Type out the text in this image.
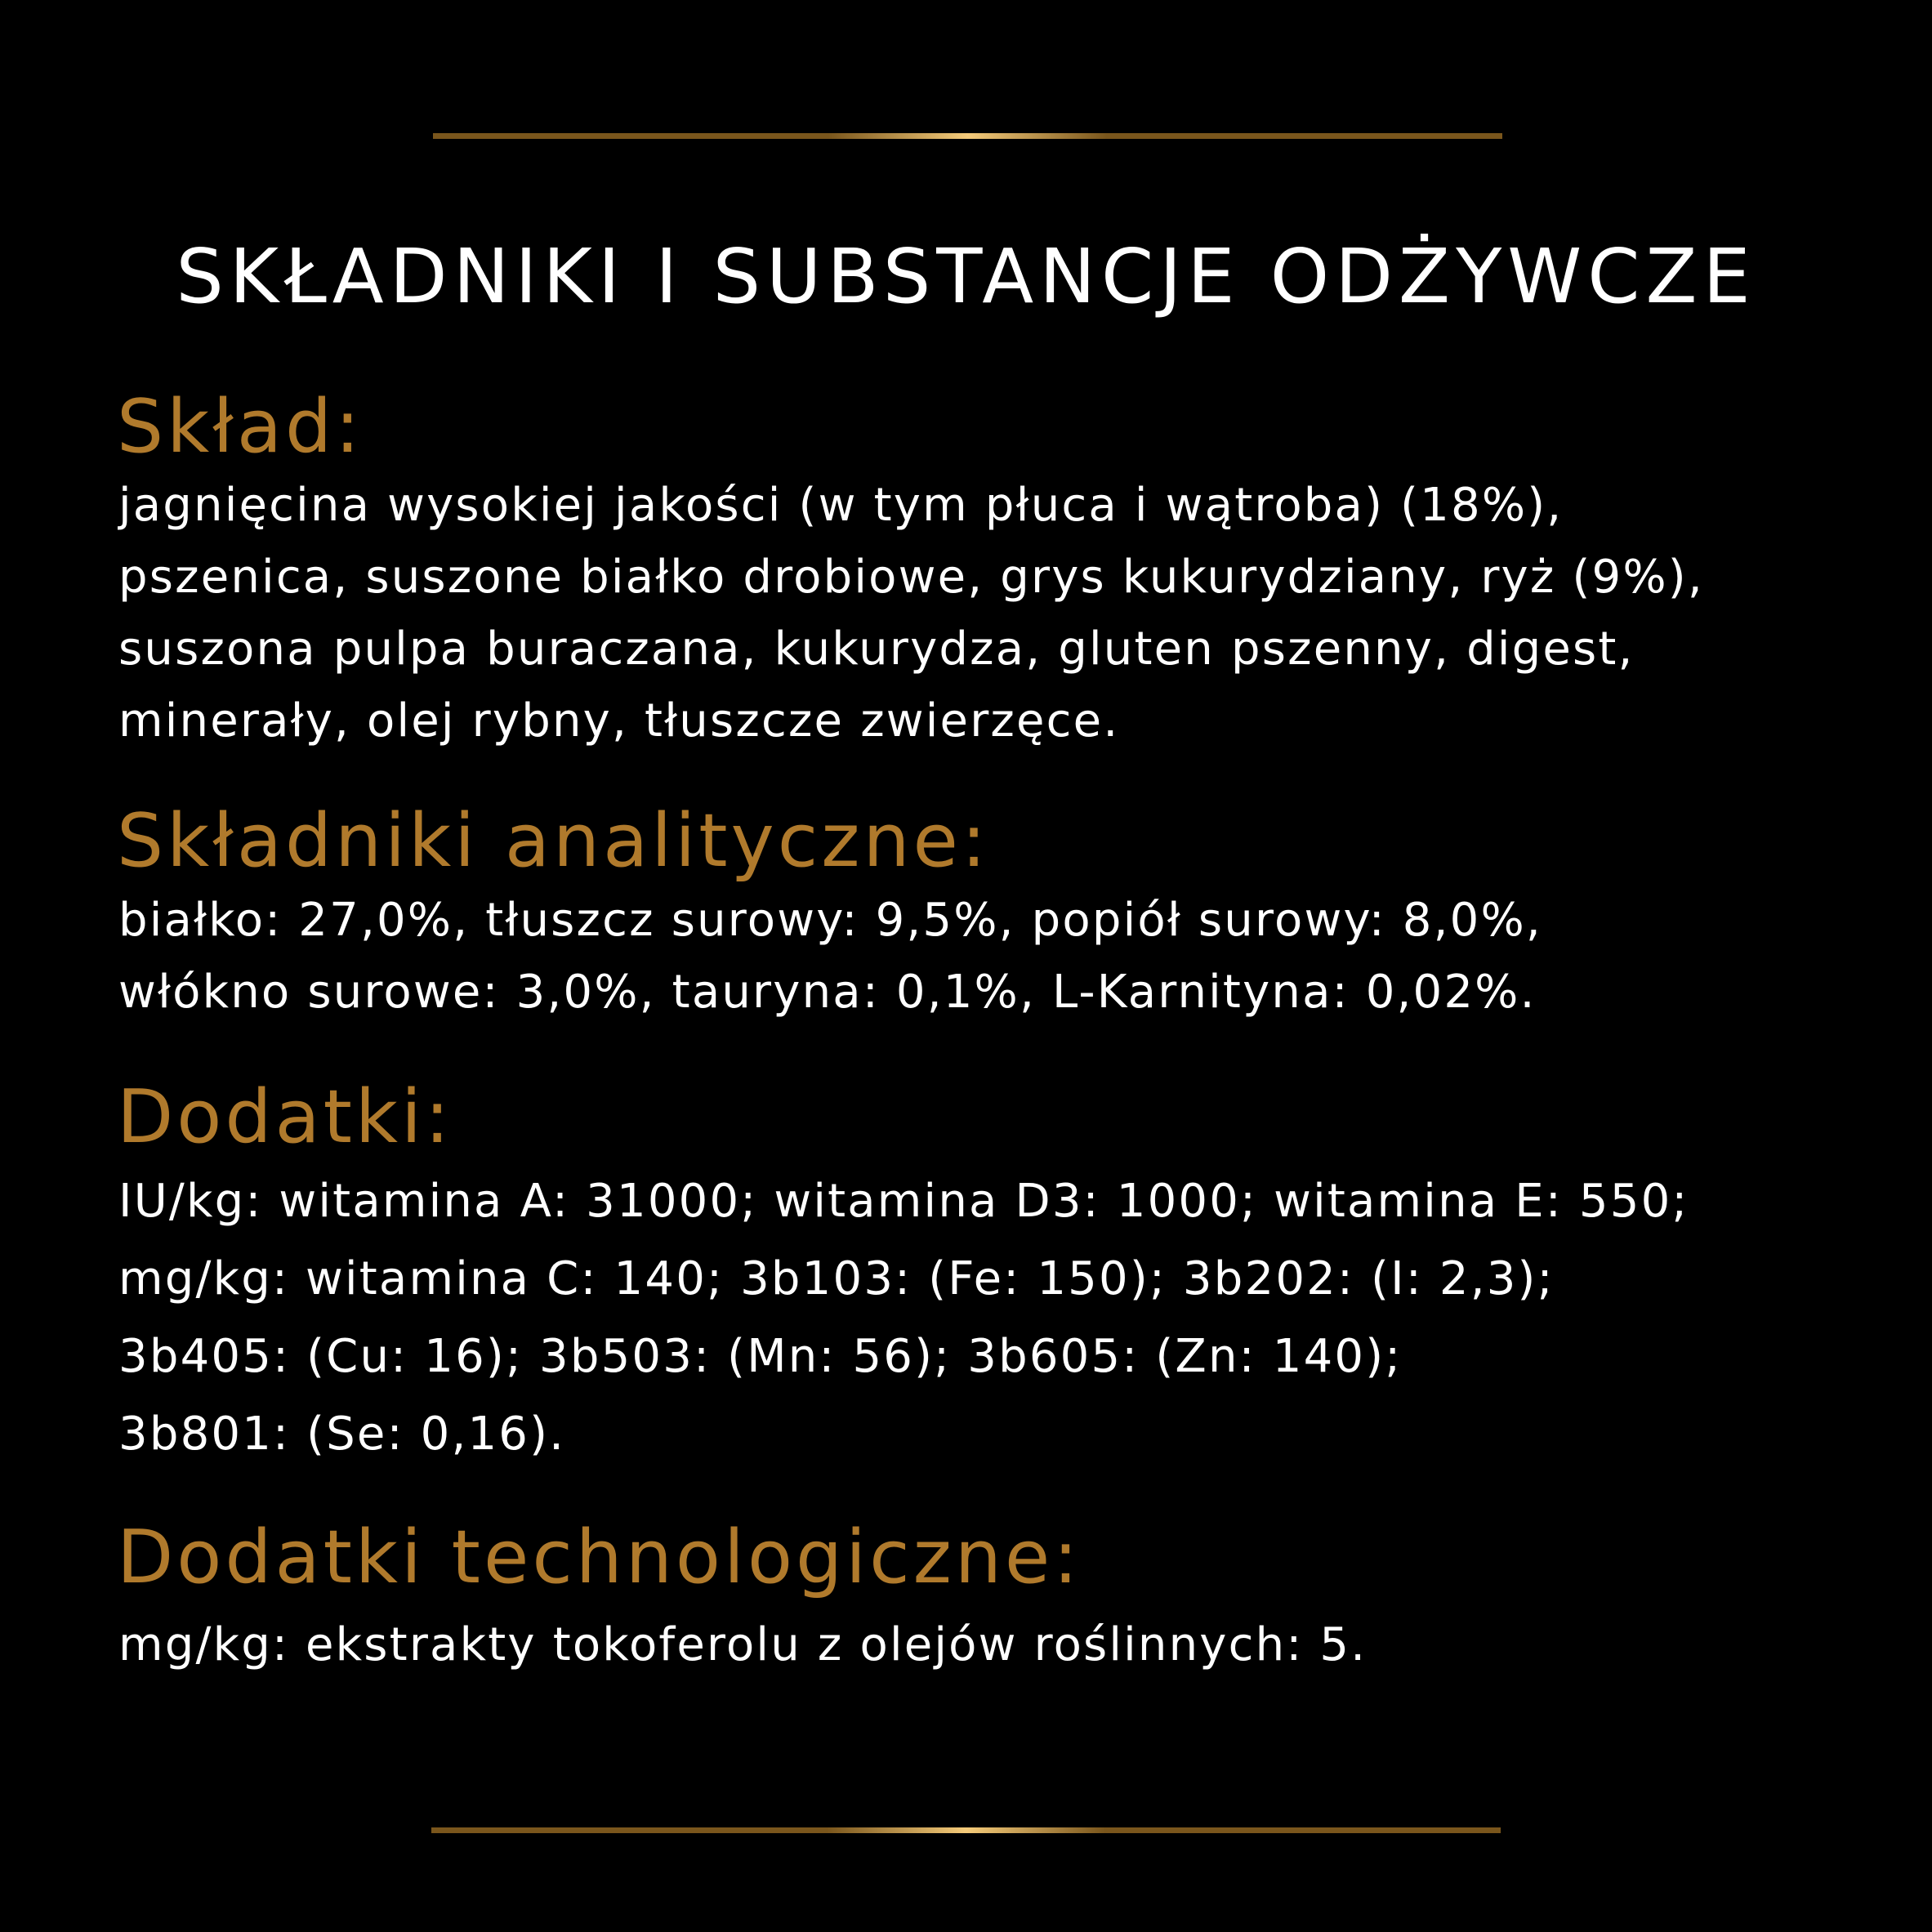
SKŁADNIKI I SUBSTANCJE ODŻYWCZE
Skład:
jagnięcina wysokiej jakości (w tym płuca i wątroba) (18%),
pszenica, suszone białko drobiowe, grys kukurydziany, ryż (9%),
suszona pulpa buraczana, kukurydza, gluten pszenny, digest,
minerały, olej rybny, tłuszcze zwierzęce.
Składniki analityczne:
białko: 27,0%, tłuszcz surowy: 9,5%, popiół surowy: 8,0%,
włókno surowe: 3,0%, tauryna: 0,1%, L-Karnityna: 0,02%.
Dodatki:
IU/kg: witamina A: 31000; witamina D3: 1000; witamina E: 550;
mg/kg: witamina C: 140; 3b103: (Fe: 150); 3b202: (I: 2,3);
3b405: (Cu: 16); 3b503: (Mn: 56); 3b605: (Zn: 140);
3b801: (Se: 0,16).
Dodatki technologiczne:
mg/kg: ekstrakty tokoferolu z olejów roślinnych: 5.
